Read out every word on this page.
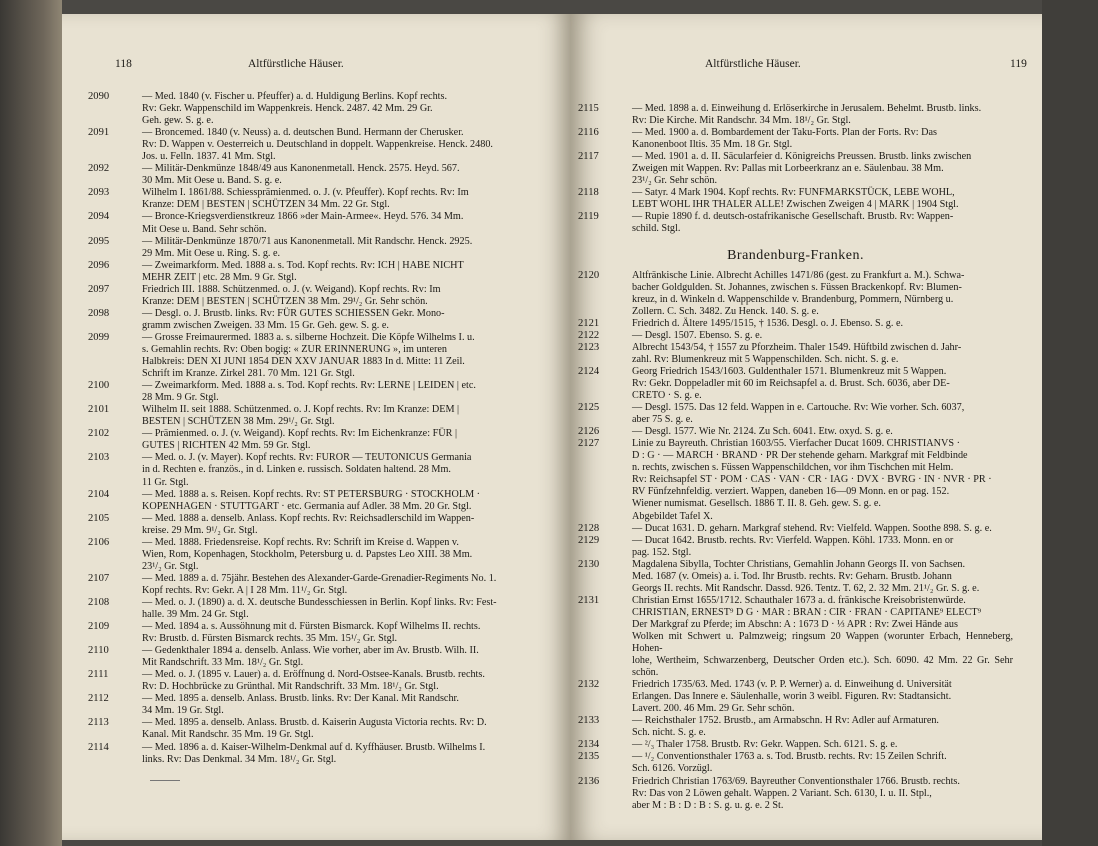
118	Altfürstliche Häuser.	Altfürstliche Häuser.	119
2090	— Med. 1840 (v. Fischer u. Pfeuffer) a. d. Huldigung Berlins. Kopf rechts.
Rv: Gekr. Wappenschild im Wappenkreis. Henck. 2487. 42 Mm. 29 Gr.
Geh. gew. S. g. e.
2091	— Broncemed. 1840 (v. Neuss) a. d. deutschen Bund. Hermann der Cherusker.
Rv: D. Wappen v. Oesterreich u. Deutschland in doppelt. Wappenkreise. Henck. 2480.
Jos. u. Felln. 1837. 41 Mm. Stgl.
2092	— Militär-Denkmünze 1848/49 aus Kanonenmetall. Henck. 2575. Heyd. 567.
30 Mm. Mit Oese u. Band. S. g. e.
2093	Wilhelm I. 1861/88. Schiessprämienmed. o. J. (v. Pfeuffer). Kopf rechts. Rv: Im
Kranze: DEM | BESTEN | SCHÜTZEN 34 Mm. 22 Gr. Stgl.
2094	— Bronce-Kriegsverdienstkreuz 1866 »der Main-Armee«. Heyd. 576. 34 Mm.
Mit Oese u. Band. Sehr schön.
2095	— Militär-Denkmünze 1870/71 aus Kanonenmetall. Mit Randschr. Henck. 2925.
29 Mm. Mit Oese u. Ring. S. g. e.
2096	— Zweimarkform. Med. 1888 a. s. Tod. Kopf rechts. Rv: ICH | HABE NICHT
MEHR ZEIT | etc. 28 Mm. 9 Gr. Stgl.
2097	Friedrich III. 1888. Schützenmed. o. J. (v. Weigand). Kopf rechts. Rv: Im
Kranze: DEM | BESTEN | SCHÜTZEN 38 Mm. 29¹/₂ Gr. Sehr schön.
2098	— Desgl. o. J. Brustb. links. Rv: FÜR GUTES SCHIESSEN Gekr. Mono-
gramm zwischen Zweigen. 33 Mm. 15 Gr. Geh. gew. S. g. e.
2099	— Grosse Freimaurermed. 1883 a. s. silberne Hochzeit. Die Köpfe Wilhelms I. u.
s. Gemahlin rechts. Rv: Oben bogig: « ZUR ERINNERUNG », im unteren
Halbkreis: DEN XI JUNI 1854 DEN XXV JANUAR 1883 In d. Mitte: 11 Zeil.
Schrift im Kranze. Zirkel 281. 70 Mm. 121 Gr. Stgl.
2100	— Zweimarkform. Med. 1888 a. s. Tod. Kopf rechts. Rv: LERNE | LEIDEN | etc.
28 Mm. 9 Gr. Stgl.
2101	Wilhelm II. seit 1888. Schützenmed. o. J. Kopf rechts. Rv: Im Kranze: DEM |
BESTEN | SCHÜTZEN 38 Mm. 29¹/₂ Gr. Stgl.
2102	— Prämienmed. o. J. (v. Weigand). Kopf rechts. Rv: Im Eichenkranze: FÜR |
GUTES | RICHTEN 42 Mm. 59 Gr. Stgl.
2103	— Med. o. J. (v. Mayer). Kopf rechts. Rv: FUROR — TEUTONICUS Germania
in d. Rechten e. französ., in d. Linken e. russisch. Soldaten haltend. 28 Mm.
11 Gr. Stgl.
2104	— Med. 1888 a. s. Reisen. Kopf rechts. Rv: ST PETERSBURG · STOCKHOLM ·
KOPENHAGEN · STUTTGART · etc. Germania auf Adler. 38 Mm. 20 Gr. Stgl.
2105	— Med. 1888 a. denselb. Anlass. Kopf rechts. Rv: Reichsadlerschild im Wappen-
kreise. 29 Mm. 9¹/₂ Gr. Stgl.
2106	— Med. 1888. Friedensreise. Kopf rechts. Rv: Schrift im Kreise d. Wappen v.
Wien, Rom, Kopenhagen, Stockholm, Petersburg u. d. Papstes Leo XIII. 38 Mm.
23¹/₂ Gr. Stgl.
2107	— Med. 1889 a. d. 75jähr. Bestehen des Alexander-Garde-Grenadier-Regiments No. 1.
Kopf rechts. Rv: Gekr. A | I 28 Mm. 11¹/₂ Gr. Stgl.
2108	— Med. o. J. (1890) a. d. X. deutsche Bundesschiessen in Berlin. Kopf links. Rv: Fest-
halle. 39 Mm. 24 Gr. Stgl.
2109	— Med. 1894 a. s. Aussöhnung mit d. Fürsten Bismarck. Kopf Wilhelms II. rechts.
Rv: Brustb. d. Fürsten Bismarck rechts. 35 Mm. 15¹/₂ Gr. Stgl.
2110	— Gedenkthaler 1894 a. denselb. Anlass. Wie vorher, aber im Av. Brustb. Wilh. II.
Mit Randschrift. 33 Mm. 18¹/₂ Gr. Stgl.
2111	— Med. o. J. (1895 v. Lauer) a. d. Eröffnung d. Nord-Ostsee-Kanals. Brustb. rechts.
Rv: D. Hochbrücke zu Grünthal. Mit Randschrift. 33 Mm. 18¹/₂ Gr. Stgl.
2112	— Med. 1895 a. denselb. Anlass. Brustb. links. Rv: Der Kanal. Mit Randschr.
34 Mm. 19 Gr. Stgl.
2113	— Med. 1895 a. denselb. Anlass. Brustb. d. Kaiserin Augusta Victoria rechts. Rv: D.
Kanal. Mit Randschr. 35 Mm. 19 Gr. Stgl.
2114	— Med. 1896 a. d. Kaiser-Wilhelm-Denkmal auf d. Kyffhäuser. Brustb. Wilhelms I.
links. Rv: Das Denkmal. 34 Mm. 18¹/₂ Gr. Stgl.
2115	— Med. 1898 a. d. Einweihung d. Erlöserkirche in Jerusalem. Behelmt. Brustb. links.
Rv: Die Kirche. Mit Randschr. 34 Mm. 18¹/₂ Gr. Stgl.
2116	— Med. 1900 a. d. Bombardement der Taku-Forts. Plan der Forts. Rv: Das
Kanonenboot Iltis. 35 Mm. 18 Gr. Stgl.
2117	— Med. 1901 a. d. II. Säcularfeier d. Königreichs Preussen. Brustb. links zwischen
Zweigen mit Wappen. Rv: Pallas mit Lorbeerkranz an e. Säulenbau. 38 Mm.
23¹/₂ Gr. Sehr schön.
2118	— Satyr. 4 Mark 1904. Kopf rechts. Rv: FUNFMARKSTÜCK, LEBE WOHL,
LEBT WOHL IHR THALER ALLE! Zwischen Zweigen 4 | MARK | 1904 Stgl.
2119	— Rupie 1890 f. d. deutsch-ostafrikanische Gesellschaft. Brustb. Rv: Wappen-
schild. Stgl.
Brandenburg-Franken.
2120	Altfränkische Linie. Albrecht Achilles 1471/86 (gest. zu Frankfurt a. M.). Schwa-
bacher Goldgulden. St. Johannes, zwischen s. Füssen Brackenkopf. Rv: Blumen-
kreuz, in d. Winkeln d. Wappenschilde v. Brandenburg, Pommern, Nürnberg u.
Zollern. C. Sch. 3482. Zu Henck. 140. S. g. e.
2121	Friedrich d. Ältere 1495/1515, † 1536. Desgl. o. J. Ebenso. S. g. e.
2122	— Desgl. 1507. Ebenso. S. g. e.
2123	Albrecht 1543/54, † 1557 zu Pforzheim. Thaler 1549. Hüftbild zwischen d. Jahr-
zahl. Rv: Blumenkreuz mit 5 Wappenschilden. Sch. nicht. S. g. e.
2124	Georg Friedrich 1543/1603. Guldenthaler 1571. Blumenkreuz mit 5 Wappen.
Rv: Gekr. Doppeladler mit 60 im Reichsapfel a. d. Brust. Sch. 6036, aber DE-
CRETO · S. g. e.
2125	— Desgl. 1575. Das 12 feld. Wappen in e. Cartouche. Rv: Wie vorher. Sch. 6037,
aber 75 S. g. e.
2126	— Desgl. 1577. Wie Nr. 2124. Zu Sch. 6041. Etw. oxyd. S. g. e.
2127	Linie zu Bayreuth. Christian 1603/55. Vierfacher Ducat 1609. CHRISTIANVS ·
D : G · — MARCH · BRAND · PR Der stehende geharn. Markgraf mit Feldbinde
n. rechts, zwischen s. Füssen Wappenschildchen, vor ihm Tischchen mit Helm.
Rv: Reichsapfel ST · POM · CAS · VAN · CR · IAG · DVX · BVRG · IN · NVR · PR ·
RV Fünfzehnfeldig. verziert. Wappen, daneben 16—09 Monn. en or pag. 152.
Wiener numismat. Gesellsch. 1886 T. II. 8. Geh. gew. S. g. e.
Abgebildet Tafel X.
2128	— Ducat 1631. D. geharn. Markgraf stehend. Rv: Vielfeld. Wappen. Soothe 898. S. g. e.
2129	— Ducat 1642. Brustb. rechts. Rv: Vierfeld. Wappen. Köhl. 1733. Monn. en or
pag. 152. Stgl.
2130	Magdalena Sibylla, Tochter Christians, Gemahlin Johann Georgs II. von Sachsen.
Med. 1687 (v. Omeis) a. i. Tod. Ihr Brustb. rechts. Rv: Geharn. Brustb. Johann
Georgs II. rechts. Mit Randschr. Dassd. 926. Tentz. T. 62, 2. 32 Mm. 21¹/₂ Gr. S. g. e.
2131	Christian Ernst 1655/1712. Schauthaler 1673 a. d. fränkische Kreisobristenwürde.
CHRISTIAN, ERNEST⁹ D G · MAR : BRAN : CIR · FRAN · CAPITANE⁹ ELECT⁹
Der Markgraf zu Pferde; im Abschn: A : 1673 D · ⅓ APR : Rv: Zwei Hände aus
Wolken mit Schwert u. Palmzweig; ringsum 20 Wappen (worunter Erbach, Henneberg, Hohen-
lohe, Wertheim, Schwarzenberg, Deutscher Orden etc.). Sch. 6090. 42 Mm. 22 Gr. Sehr schön.
2132	Friedrich 1735/63. Med. 1743 (v. P. P. Werner) a. d. Einweihung d. Universität
Erlangen. Das Innere e. Säulenhalle, worin 3 weibl. Figuren. Rv: Stadtansicht.
Lavert. 200. 46 Mm. 29 Gr. Sehr schön.
2133	— Reichsthaler 1752. Brustb., am Armabschn. H Rv: Adler auf Armaturen.
Sch. nicht. S. g. e.
2134	— ²/₃ Thaler 1758. Brustb. Rv: Gekr. Wappen. Sch. 6121. S. g. e.
2135	— ¹/₂ Conventionsthaler 1763 a. s. Tod. Brustb. rechts. Rv: 15 Zeilen Schrift.
Sch. 6126. Vorzügl.
2136	Friedrich Christian 1763/69. Bayreuther Conventionsthaler 1766. Brustb. rechts.
Rv: Das von 2 Löwen gehalt. Wappen. 2 Variant. Sch. 6130, I. u. II. Stpl.,
aber M : B : D : B : S. g. u. g. e. 2 St.
